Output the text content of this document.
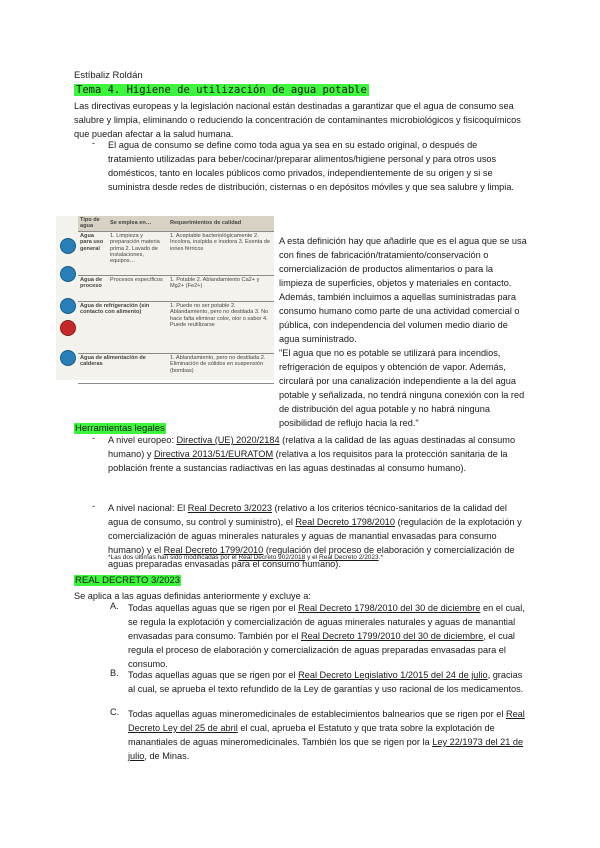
Estíbaliz Roldán
Tema 4. Higiene de utilización de agua potable
Las directivas europeas y la legislación nacional están destinadas a garantizar que el agua de consumo sea salubre y limpia, eliminando o reduciendo la concentración de contaminantes microbiológicos y fisicoquímicos que puedan afectar a la salud humana.
- El agua de consumo se define como toda agua ya sea en su estado original, o después de tratamiento utilizadas para beber/cocinar/preparar alimentos/higiene personal y para otros usos domésticos, tanto en locales públicos como privados, independientemente de su origen y si se suministra desde redes de distribución, cisternas o en depósitos móviles y que sea salubre y limpia.
Tipo de agua	Se emplea en…	Requerimientos de calidad
Agua para uso general	1. Limpieza y preparación materia prima 2. Lavado de instalaciones, equipos…	1. Aceptable bacteriológicamente 2. Incolora, insípida e inodora 3. Exenta de iones férricos
Agua de proceso	Procesos específicos	1. Potable 2. Ablandamiento Ca2+ y Mg2+ (Fe2+)
Agua de refrigeración (sin contacto con alimento)		1. Puede no ser potable 2. Ablandamiento, pero no destilada 3. No hace falta eliminar color, olor o sabor 4. Puede reutilizarse
Agua de alimentación de calderas		1. Ablandamiento, pero no destilada 2. Eliminación de sólidos en suspensión (bombas)
A esta definición hay que añadirle que es el agua que se usa con fines de fabricación/tratamiento/conservación o comercialización de productos alimentarios o para la limpieza de superficies, objetos y materiales en contacto.
Además, también incluimos a aquellas suministradas para consumo humano como parte de una actividad comercial o pública, con independencia del volumen medio diario de agua suministrado.
"El agua que no es potable se utilizará para incendios, refrigeración de equipos y obtención de vapor. Además, circulará por una canalización independiente a la del agua potable y señalizada, no tendrá ninguna conexión con la red de distribución del agua potable y no habrá ninguna posibilidad de reflujo hacia la red."
Herramientas legales
- A nivel europeo: Directiva (UE) 2020/2184 (relativa a la calidad de las aguas destinadas al consumo humano) y Directiva 2013/51/EURATOM (relativa a los requisitos para la protección sanitaria de la población frente a sustancias radiactivas en las aguas destinadas al consumo humano).
- A nivel nacional: El Real Decreto 3/2023 (relativo a los criterios técnico-sanitarios de la calidad del agua de consumo, su control y suministro), el Real Decreto 1798/2010 (regulación de la explotación y comercialización de aguas minerales naturales y aguas de manantial envasadas para consumo humano) y el Real Decreto 1799/2010 (regulación del proceso de elaboración y comercialización de aguas preparadas envasadas para el consumo humano).
*Las dos últimas han sido modificadas por el Real Decreto 902/2018 y el Real Decreto 2/2023.*
REAL DECRETO 3/2023
Se aplica a las aguas definidas anteriormente y excluye a:
A. Todas aquellas aguas que se rigen por el Real Decreto 1798/2010 del 30 de diciembre en el cual, se regula la explotación y comercialización de aguas minerales naturales y aguas de manantial envasadas para consumo. También por el Real Decreto 1799/2010 del 30 de diciembre, el cual regula el proceso de elaboración y comercialización de aguas preparadas envasadas para el consumo.
B. Todas aquellas aguas que se rigen por el Real Decreto Legislativo 1/2015 del 24 de julio, gracias al cual, se aprueba el texto refundido de la Ley de garantías y uso racional de los medicamentos.
C. Todas aquellas aguas mineromedicinales de establecimientos balnearios que se rigen por el Real Decreto Ley del 25 de abril el cual, aprueba el Estatuto y que trata sobre la explotación de manantiales de aguas mineromedicinales. También los que se rigen por la Ley 22/1973 del 21 de julio, de Minas.
